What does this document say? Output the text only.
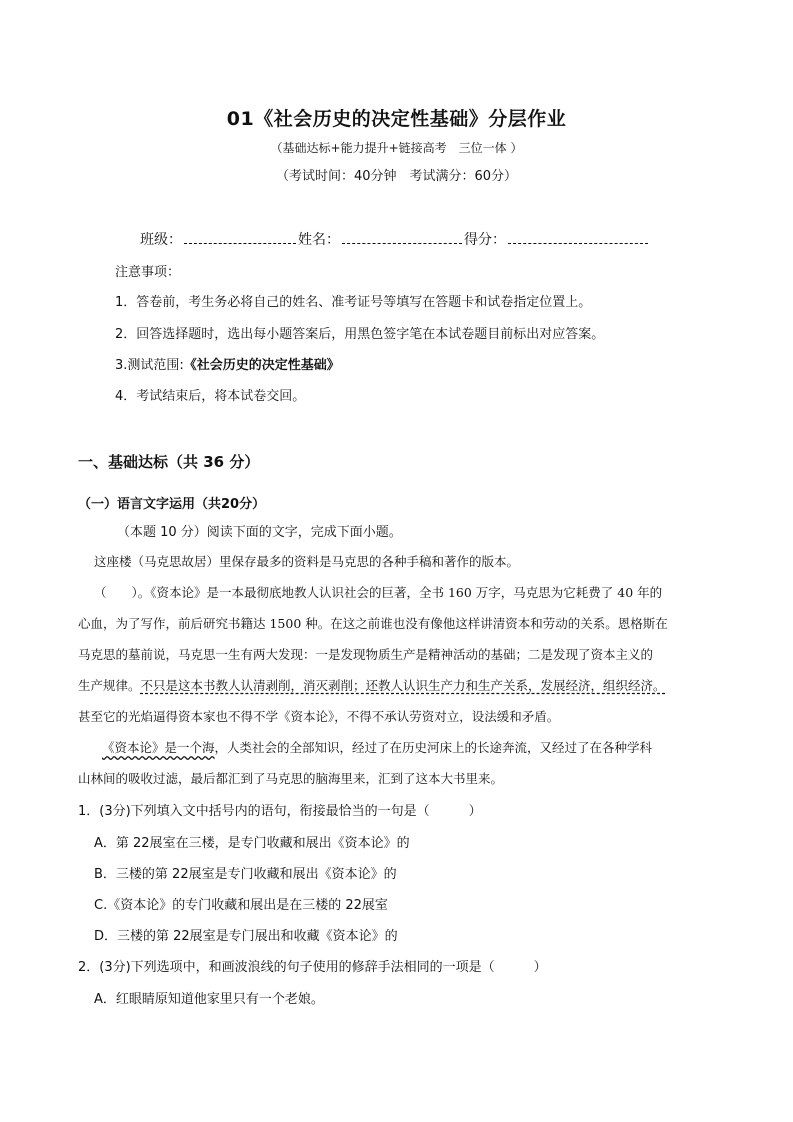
01《社会历史的决定性基础》分层作业
（基础达标+能力提升+链接高考　三位一体 ）
（考试时间：40分钟　考试满分：60分）
班级：	姓名：	得分：
注意事项：
1．答卷前，考生务必将自己的姓名、准考证号等填写在答题卡和试卷指定位置上。
2．回答选择题时，选出每小题答案后，用黑色签字笔在本试卷题目前标出对应答案。
3.测试范围:《社会历史的决定性基础》
4．考试结束后，将本试卷交回。
一、基础达标（共 36 分）
（一）语言文字运用（共20分）
（本题 10 分）阅读下面的文字，完成下面小题。
这座楼（马克思故居）里保存最多的资料是马克思的各种手稿和著作的版本。
（　　）。《资本论》是一本最彻底地教人认识社会的巨著，全书 160 万字，马克思为它耗费了 40 年的
心血，为了写作，前后研究书籍达 1500 种。在这之前谁也没有像他这样讲清资本和劳动的关系。恩格斯在
马克思的墓前说，马克思一生有两大发现：一是发现物质生产是精神活动的基础；二是发现了资本主义的
生产规律。不只是这本书教人认清剥削，消灭剥削；还教人认识生产力和生产关系，发展经济，组织经济。
甚至它的光焰逼得资本家也不得不学《资本论》，不得不承认劳资对立，设法缓和矛盾。
《资本论》是一个海，人类社会的全部知识，经过了在历史河床上的长途奔流，又经过了在各种学科
山林间的吸收过滤，最后都汇到了马克思的脑海里来，汇到了这本大书里来。
1．(3分)下列填入文中括号内的语句，衔接最恰当的一句是（　　　）
A．第 22展室在三楼，是专门收藏和展出《资本论》的
B．三楼的第 22展室是专门收藏和展出《资本论》的
C.《资本论》的专门收藏和展出是在三楼的 22展室
D．三楼的第 22展室是专门展出和收藏《资本论》的
2．(3分)下列选项中，和画波浪线的句子使用的修辞手法相同的一项是（　　　）
A．红眼睛原知道他家里只有一个老娘。
